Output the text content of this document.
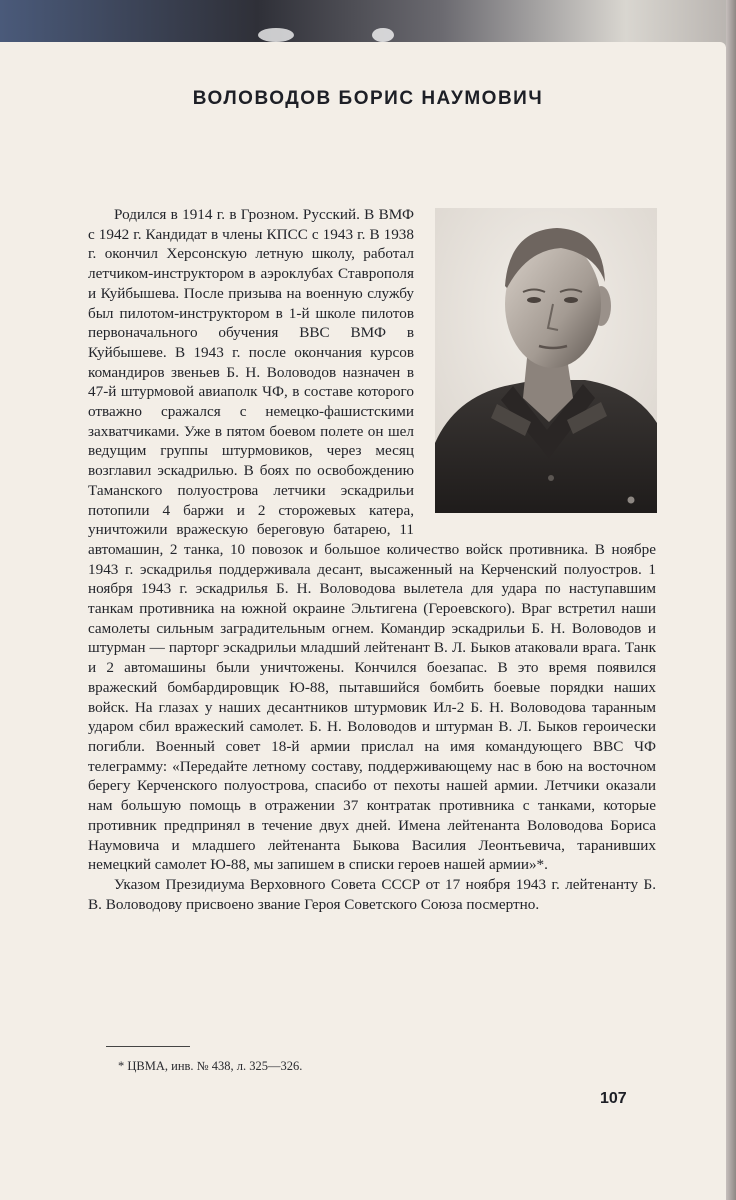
ВОЛОВОДОВ БОРИС НАУМОВИЧ

Родился в 1914 г. в Грозном. Русский. В ВМФ с 1942 г. Кандидат в члены КПСС с 1943 г. В 1938 г. окончил Херсонскую летную школу, работал летчиком-инструктором в аэроклубах Ставрополя и Куйбышева. После призыва на военную службу был пилотом-инструктором в 1-й школе пилотов первоначального обучения ВВС ВМФ в Куйбышеве. В 1943 г. после окончания курсов командиров звеньев Б. Н. Воловодов назначен в 47-й штурмовой авиаполк ЧФ, в составе которого отважно сражался с немецко-фашистскими захватчиками. Уже в пятом боевом полете он шел ведущим группы штурмовиков, через месяц возглавил эскадрилью. В боях по освобождению Таманского полуострова летчики эскадрильи потопили 4 баржи и 2 сторожевых катера, уничтожили вражескую береговую батарею, 11 автомашин, 2 танка, 10 повозок и большое количество войск противника. В ноябре 1943 г. эскадрилья поддерживала десант, высаженный на Керченский полуостров. 1 ноября 1943 г. эскадрилья Б. Н. Воловодова вылетела для удара по наступавшим танкам противника на южной окраине Эльтигена (Героевского). Враг встретил наши самолеты сильным заградительным огнем. Командир эскадрильи Б. Н. Воловодов и штурман — парторг эскадрильи младший лейтенант В. Л. Быков атаковали врага. Танк и 2 автомашины были уничтожены. Кончился боезапас. В это время появился вражеский бомбардировщик Ю-88, пытавшийся бомбить боевые порядки наших войск. На глазах у наших десантников штурмовик Ил-2 Б. Н. Воловодова таранным ударом сбил вражеский самолет. Б. Н. Воловодов и штурман В. Л. Быков героически погибли. Военный совет 18-й армии прислал на имя командующего ВВС ЧФ телеграмму: «Передайте летному составу, поддерживающему нас в бою на восточном берегу Керченского полуострова, спасибо от пехоты нашей армии. Летчики оказали нам большую помощь в отражении 37 контратак противника с танками, которые противник предпринял в течение двух дней. Имена лейтенанта Воловодова Бориса Наумовича и младшего лейтенанта Быкова Василия Леонтьевича, таранивших немецкий самолет Ю-88, мы запишем в списки героев нашей армии»*.

Указом Президиума Верховного Совета СССР от 17 ноября 1943 г. лейтенанту Б. В. Воловодову присвоено звание Героя Советского Союза посмертно.

* ЦВМА, инв. № 438, л. 325—326.

107
